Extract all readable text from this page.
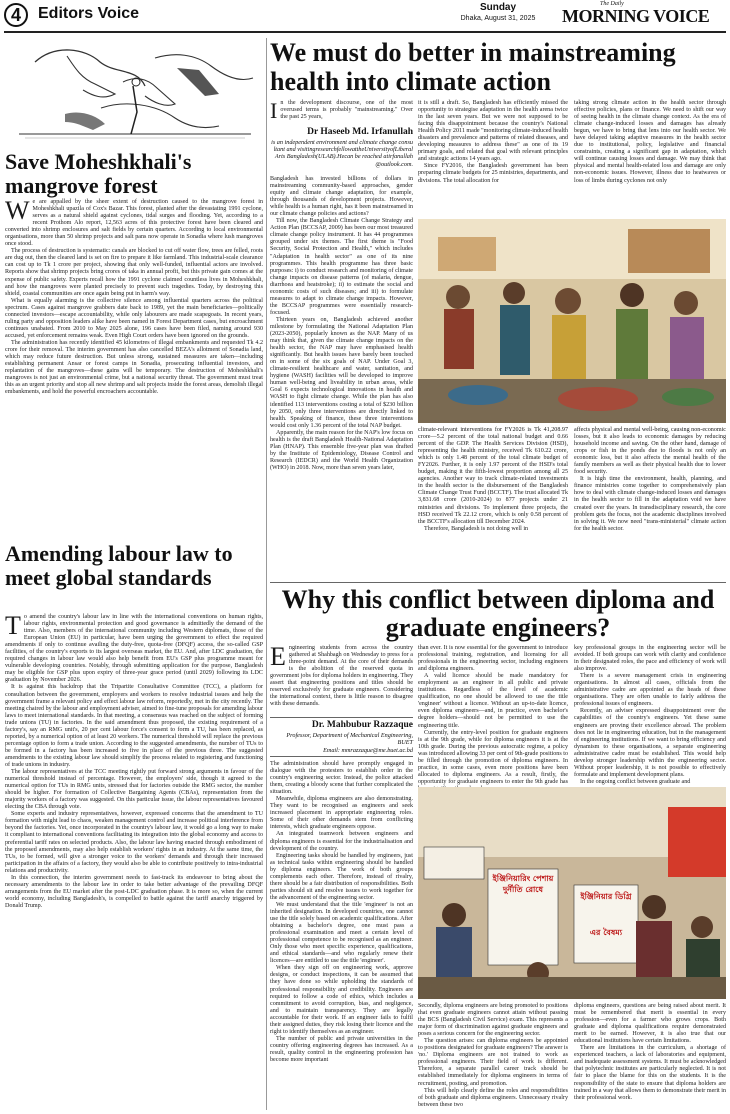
4	Editors Voice	Sunday
Dhaka, August 31, 2025
The Daily
MORNING VOICE
Save Moheshkhali's mangrove forest
W e are appalled by the sheer extent of destruction caused to the mangrove forest in Moheshkhali upazila of Cox's Bazar. This forest, planted after the devastating 1991 cyclone, serves as a natural shield against cyclones, tidal surges and flooding. Yet, according to a recent Prothom Alo report, 12,563 acres of this protective forest have been cleared and converted into shrimp enclosures and salt fields by certain quarters. According to local environmental organisations, more than 50 shrimp projects and salt pans now operate in Sonadia where lush mangroves once stood.

The process of destruction is systematic: canals are blocked to cut off water flow, trees are felled, roots are dug out, then the cleared land is set on fire to prepare it like farmland. This industrial-scale clearance can cost up to Tk 1 crore per project, showing that only well-funded, influential actors are involved. Reports show that shrimp projects bring crores of taka in annual profit, but this private gain comes at the expense of public safety. Experts recall how the 1991 cyclone claimed countless lives in Moheshkhali, and how the mangroves were planted precisely to prevent such tragedies. Today, by destroying this shield, coastal communities are once again being put in harm's way.

What is equally alarming is the collective silence among influential quarters across the political spectrum. Cases against mangrove grabbers date back to 1989, yet the main beneficiaries—politically connected investors—escape accountability, while only labourers are made scapegoats. In recent years, ruling party and opposition leaders alike have been named in Forest Department cases, but encroachment continues unabated. From 2010 to May 2025 alone, 196 cases have been filed, naming around 930 accused, yet enforcement remains weak. Even High Court orders have been ignored on the grounds.

The administration has recently identified 45 kilometres of illegal embankments and requested Tk 4.2 crore for their removal. The interim government has also cancelled BEZA's allotment of Sonadia land, which may reduce future destruction. But unless strong, sustained measures are taken—including establishing permanent Ansar or forest camps in Sonadia, prosecuting influential investors, and replantation of the mangroves—these gains will be temporary. The destruction of Moheshkhali's mangroves is not just an environmental crime, but a national security threat. The government must treat this as an urgent priority and stop all new shrimp and salt projects inside the forest areas, demolish illegal embankments, and hold the powerful encroachers accountable.

Amending labour law to meet global standards
T o amend the country's labour law in line with the international conventions on human rights, labour rights, environmental protection and good governance is admittedly the demand of the time. Also, members of the international community including Western diplomats, those of the European Union (EU) in particular, have been urging the government to effect the required amendments if only to continue availing the duty-free, quota-free (DFQF) access, the so-called GSP facilities, of the country's exports to its largest overseas market, the EU. And, after LDC graduation, the required changes in labour law would also help benefit from EU's GSP plus programme meant for vulnerable developing countries. Notably, through submitting application for the purpose, Bangladesh may be eligible for GSP plus upon expiry of three-year grace period (until 2029) following its LDC graduation by November 2026.

It is against this backdrop that the Tripartite Consultative Committee (TCC), a platform for consultation between the government, employers and workers to resolve industrial issues and help the government frame a relevant policy and effect labour law reform, reportedly, met in the city recently. The meeting chaired by the labour and employment adviser, aimed to fine-tune proposals for amending labour laws to meet international standards. In that meeting, a consensus was reached on the subject of forming trade unions (TU) in factories. In the said amendment thus proposed, the existing requirement of a factory's, say an RMG unit's, 20 per cent labour force's consent to form a TU, has been replaced, as reported, by a numerical option of at least 20 workers. The numerical threshold will replace the previous percentage option to form a trade union. According to the suggested amendments, the number of TUs to be formed in a factory has been increased to five in place of the previous three. The suggested amendments to the existing labour law should simplify the process related to registering and functioning of trade unions in industry.

The labour representatives at the TCC meeting rightly put forward strong arguments in favour of the numerical threshold instead of percentage. However, the employers' side, though it agreed to the numerical option for TUs in RMG units, stressed that for factories outside the RMG sector, the number should be higher. For formation of Collective Bargaining Agents (CBAs), representation from the majority workers of a factory was suggested. On this particular issue, the labour representatives favoured electing the CBA through vote.

Some experts and industry representatives, however, expressed concerns that the amendment to TU formation with might lead to chaos, weaken management control and increase political interference from beyond the factories. Yet, once incorporated in the country's labour law, it would go a long way to make it compliant to international conventions facilitating its integration into the global economy and access to preferential tariff rates on selected products. Also, the labour law having enacted through embodiment of the proposed amendments, may also help establish workers' rights in an industry. At the same time, the TUs, to be formed, will give a stronger voice to the workers' demands and through their increased participation in the affairs of a factory, they would also be able to contribute positively to intra-industrial relations and productivity.

In this connection, the interim government needs to fast-track its endeavour to bring about the necessary amendments to the labour law in order to take better advantage of the prevailing DFQF arrangements from the EU market after the post-LDC graduation phase. It is more so, when the current world economy, including Bangladesh's, is compelled to battle against the tariff anarchy triggered by Donald Trump.

We must do better in mainstreaming health into climate action
I n the development discourse, one of the most overused terms is probably "mainstreaming." Over the past 25 years,
Dr Haseeb Md. Irfanullah
is an independent environment and climate change consultant and visitingresearchfellowattheUniversityofLiberalArts Bangladesh(ULAB).Hecan be reached atirfanullah@outlook.com.

Bangladesh has invested billions of dollars in mainstreaming community-based approaches, gender equity and climate change adaptation, for example, through thousands of development projects. However, while health is a human right, has it been mainstreamed in our climate change policies and actions?

Till now, the Bangladesh Climate Change Strategy and Action Plan (BCCSAP, 2009) has been our most treasured climate change policy instrument. It has 44 programmes grouped under six themes. The first theme is "Food Security, Social Protection and Health," which includes "Adaptation in health sector" as one of its nine programmes. This health programme has three basic purposes: i) to conduct research and monitoring of climate change impacts on disease patterns (of malaria, dengue, diarrhoea and heatstroke); ii) to estimate the social and economic costs of such diseases; and iii) to formulate measures to adapt to climate change impacts. However, the BCCSAP programmes were essentially research-focused.

Thirteen years on, Bangladesh achieved another milestone by formulating the National Adaptation Plan (2023-2050), popularly known as the NAP. Many of us may think that, given the climate change impacts on the health sector, the NAP may have emphasised health significantly. But health issues have barely been touched on in some of the six goals of NAP. Under Goal 3, climate-resilient healthcare and water, sanitation, and hygiene (WASH) facilities will be developed to improve human well-being and liveability in urban areas, while Goal 6 expects technological innovations in health and WASH to fight climate change. While the plan has also identified 113 interventions costing a total of $230 billion by 2050, only three interventions are directly linked to health. Speaking of finance, these three interventions would cost only 1.36 percent of the total NAP budget.

Apparently, the main reason for the NAP's low focus on health is the draft Bangladesh Health-National Adaptation Plan (HNAP). This ensemble five-year plan was drafted by the Institute of Epidemiology, Disease Control and Research (IEDCR) and the World Health Organization (WHO) in 2018. Now, more than seven years later,

it is still a draft. So, Bangladesh has efficiently missed the opportunity to strategise adaptation in the health arena twice in the last seven years. But we were not supposed to be facing this disappointment because the country's National Health Policy 2011 made "monitoring climate-induced health disasters and prevalence and patterns of related diseases, and developing measures to address these" as one of its 19 primary goals, and related that goal with relevant principles and strategic actions 14 years ago.

Since FY2016, the Bangladesh government has been preparing climate budgets for 25 ministries, departments, and divisions. The total allocation for

taking strong climate action in the health sector through effective policies, plans or finance. We need to shift our way of seeing health in the climate change context. As the era of climate change-induced losses and damages has already begun, we have to bring that lens into our health sector. We have delayed taking adaptive measures in the health sector due to institutional, policy, legislative and financial constraints, creating a significant gap in adaptation, which will continue causing losses and damage. We may think that physical and mental health-related loss and damage are only non-economic issues. However, illness due to heatwaves or loss of limbs during cyclones not only

climate-relevant interventions for FY2026 is Tk 41,208.97 crore—5.2 percent of the total national budget and 0.66 percent of the GDP. The Health Services Division (HSD), representing the health ministry, received Tk 610.22 crore, which is only 1.48 percent of the total climate budget of FY2026. Further, it is only 1.97 percent of the HSD's total budget, making it the fifth-lowest proportion among all 25 agencies. Another way to track climate-related investments in the health sector is the disbursement of the Bangladesh Climate Change Trust Fund (BCCTF). The trust allocated Tk 3,831.68 crore (2010-2024) to 877 projects under 21 ministries and divisions. To implement three projects, the HSD received Tk 22.12 crore, which is only 0.58 percent of the BCCTF's allocation till December 2024.

Therefore, Bangladesh is not doing well in

affects physical and mental well-being, causing non-economic losses, but it also leads to economic damages by reducing household income and saving. On the other hand, damage of crops or fish in the ponds due to floods is not only an economic loss, but it also affects the mental health of the family members as well as their physical health due to lower food security.

It is high time the environment, health, planning, and finance ministries come together to comprehensively plan how to deal with climate change-induced losses and damages in the health sector to fill in the adaptation void we have created over the years. In transdisciplinary research, the core problem gets the focus, not the academic disciplines involved in solving it. We now need "trans-ministerial" climate action for the health sector.

Why this conflict between diploma and graduate engineers?
E ngineering students from across the country gathered at Shahbagh on Wednesday to press for a three-point demand. At the core of their demands is the abolition of the reserved quota in government jobs for diploma holders in engineering. They assert that engineering positions and titles should be reserved exclusively for graduate engineers. Considering the international context, there is little reason to disagree with these demands.
Dr. Mahbubur Razzaque
Professor, Department of Mechanical Engineering, BUET
Email: mmrazzaque@me.buet.ac.bd

The administration should have promptly engaged in dialogue with the protesters to establish order in the country's engineering sector. Instead, the police attacked them, creating a bloody scene that further complicated the situation.

Meanwhile, diploma engineers are also demonstrating. They want to be recognised as engineers and seek increased placement in appropriate engineering roles. Some of their other demands stem from conflicting interests, which graduate engineers oppose.

An integrated teamwork between engineers and diploma engineers is essential for the industrialisation and development of the country.

Engineering tasks should be handled by engineers, just as technical tasks within engineering should be handled by diploma engineers. The work of both groups complements each other. Therefore, instead of rivalry, there should be a fair distribution of responsibilities. Both parties should sit and resolve issues to work together for the advancement of the engineering sector.

We must understand that the title 'engineer' is not an inherited designation. In developed countries, one cannot use the title solely based on academic qualifications. After obtaining a bachelor's degree, one must pass a professional examination and meet a certain level of professional competence to be recognised as an engineer. Only those who meet specific experience, qualifications, and ethical standards—and who regularly renew their licences—are entitled to use the title 'engineer'.

When they sign off on engineering work, approve designs, or conduct inspections, it can be assumed that they have done so while upholding the standards of professional responsibility and credibility. Engineers are required to follow a code of ethics, which includes a commitment to avoid corruption, bias, and negligence, and to maintain transparency. They are legally accountable for their work. If an engineer fails to fulfil their assigned duties, they risk losing their licence and the right to identify themselves as an engineer.

The number of public and private universities in the country offering engineering degrees has increased. As a result, quality control in the engineering profession has become more important

than ever. It is now essential for the government to introduce professional training, registration, and licensing for all professionals in the engineering sector, including engineers and diploma engineers.

A valid licence should be made mandatory for employment as an engineer in all public and private institutions. Regardless of the level of academic qualification, no one should be allowed to use the title 'engineer' without a licence. Without an up-to-date licence, even diploma engineers—and, in practice, even bachelor's degree holders—should not be permitted to use the engineering title.

Currently, the entry-level position for graduate engineers is at the 9th grade, while for diploma engineers it is at the 10th grade. During the previous autocratic regime, a policy was introduced allowing 33 per cent of 9th-grade positions to be filled through the promotion of diploma engineers. In practice, in some cases, even more positions have been allocated to diploma engineers. As a result, firstly, the opportunity for graduate engineers to enter the 9th grade has

key professional groups in the engineering sector will be avoided. If both groups can work with clarity and confidence in their designated roles, the pace and efficiency of work will also improve.

There is a severe management crisis in engineering organisations. In almost all cases, officials from the administrative cadre are appointed as the heads of these organisations. They are often unable to fairly address the professional issues of engineers.

Recently, an adviser expressed disappointment over the capabilities of the country's engineers. Yet these same engineers are proving their excellence abroad. The problem does not lie in engineering education, but in the management of engineering institutions. If we want to bring efficiency and dynamism to these organisations, a separate engineering administrative cadre must be established. This would help develop stronger leadership within the engineering sector. Without proper leadership, it is not possible to effectively formulate and implement development plans.

In the ongoing conflict between graduate and

ইঞ্জিনিয়ারিং পেশায় দুর্নীতি রোধে
ইঞ্জিনিয়ার ডিগ্রি
এর বৈষম্য

Secondly, diploma engineers are being promoted to positions that even graduate engineers cannot attain without passing the BCS (Bangladesh Civil Service) exam. This represents a major form of discrimination against graduate engineers and poses a serious concern for the engineering sector.

The question arises: can diploma engineers be appointed to positions designated for graduate engineers? The answer is 'no.' Diploma engineers are not trained to work as professional engineers. Their field of work is different. Therefore, a separate parallel career track should be established immediately for diploma engineers in terms of recruitment, posting, and promotion.

This will help clearly define the roles and responsibilities of both graduate and diploma engineers. Unnecessary rivalry between these two

diploma engineers, questions are being raised about merit. It must be remembered that merit is essential in every profession—even for a farmer who grows crops. Both graduate and diploma qualifications require demonstrated merit to be earned. However, it is also true that our educational institutions have certain limitations.

There are limitations in the curriculum, a shortage of experienced teachers, a lack of laboratories and equipment, and inadequate assessment systems. It must be acknowledged that polytechnic institutes are particularly neglected. It is not fair to place the blame for this on the students. It is the responsibility of the state to ensure that diploma holders are trained in a way that allows them to demonstrate their merit in their professional work.
